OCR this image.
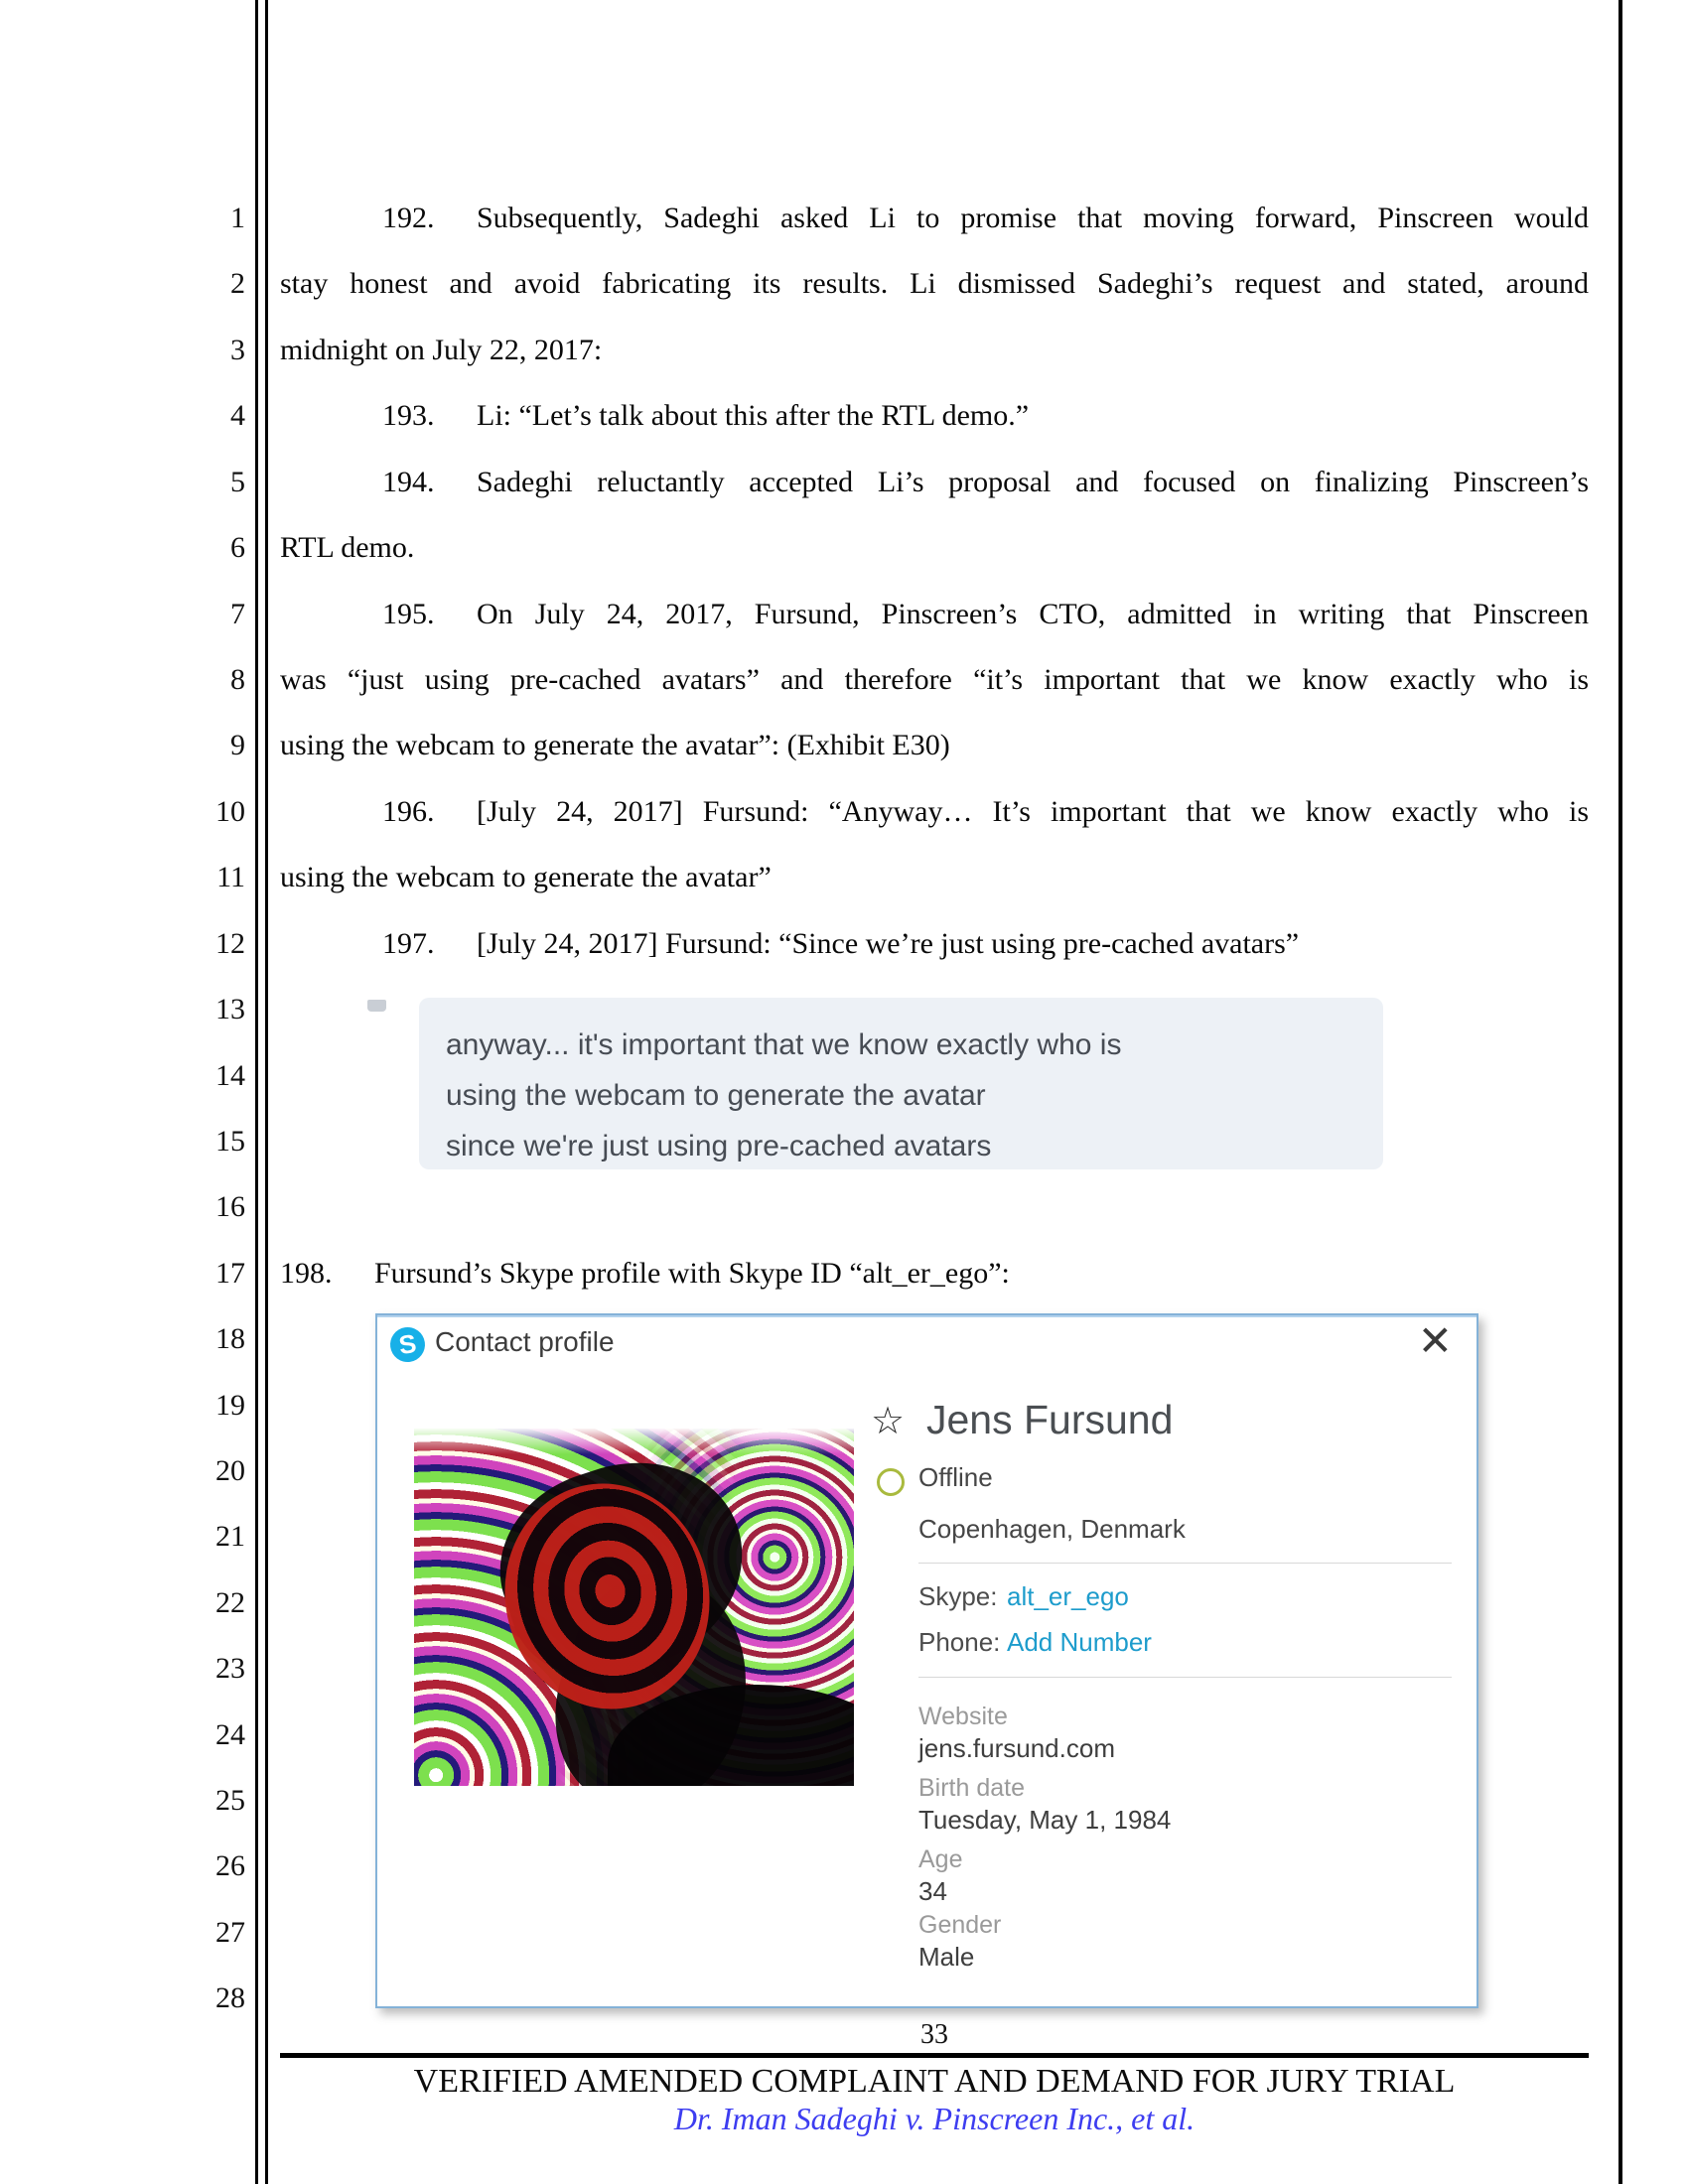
1
2
3
4
5
6
7
8
9
10
11
12
13
14
15
16
17
18
19
20
21
22
23
24
25
26
27
28
192. Subsequently, Sadeghi asked Li to promise that moving forward, Pinscreen would
stay honest and avoid fabricating its results. Li dismissed Sadeghi’s request and stated, around
midnight on July 22, 2017:
193. Li: “Let’s talk about this after the RTL demo.”
194. Sadeghi reluctantly accepted Li’s proposal and focused on finalizing Pinscreen’s
RTL demo.
195. On July 24, 2017, Fursund, Pinscreen’s CTO, admitted in writing that Pinscreen
was “just using pre-cached avatars” and therefore “it’s important that we know exactly who is
using the webcam to generate the avatar”: (Exhibit E30)
196. [July 24, 2017] Fursund: “Anyway… It’s important that we know exactly who is
using the webcam to generate the avatar”
197. [July 24, 2017] Fursund: “Since we’re just using pre-cached avatars”
198. Fursund’s Skype profile with Skype ID “alt_er_ego”:
anyway... it's important that we know exactly who is
using the webcam to generate the avatar
since we're just using pre-cached avatars
S Contact profile	✕
☆ Jens Fursund
Offline
Copenhagen, Denmark
Skype: alt_er_ego
Phone: Add Number
Website
jens.fursund.com
Birth date
Tuesday, May 1, 1984
Age
34
Gender
Male
33
VERIFIED AMENDED COMPLAINT AND DEMAND FOR JURY TRIAL
Dr. Iman Sadeghi v. Pinscreen Inc., et al.
